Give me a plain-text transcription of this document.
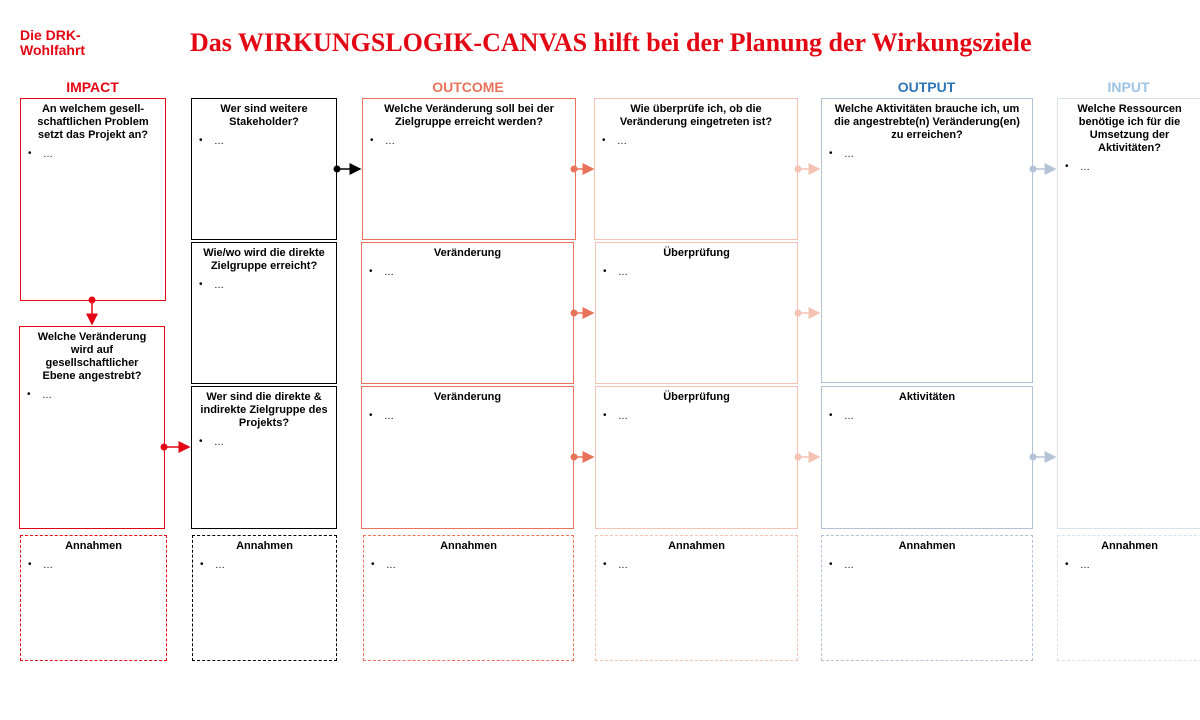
Die DRK-
Wohlfahrt	Das WIRKUNGSLOGIK-CANVAS hilft bei der Planung der Wirkungsziele
IMPACT	OUTCOME	OUTPUT	INPUT
An welchem gesell-schaftlichen Problem setzt das Projekt an?
• …
Welche Veränderung wird auf gesellschaftlicher Ebene angestrebt?
• …
Annahmen
• …
Wer sind weitere Stakeholder?
• …
Wie/wo wird die direkte Zielgruppe erreicht?
• …
Wer sind die direkte & indirekte Zielgruppe des Projekts?
• …
Annahmen
• …
Welche Veränderung soll bei der Zielgruppe erreicht werden?
• …
Veränderung
• …
Veränderung
• …
Annahmen
• …
Wie überprüfe ich, ob die Veränderung eingetreten ist?
• …
Überprüfung
• …
Überprüfung
• …
Annahmen
• …
Welche Aktivitäten brauche ich, um die angestrebte(n) Veränderung(en) zu erreichen?
• …
Aktivitäten
• …
Annahmen
• …
Welche Ressourcen benötige ich für die Umsetzung der Aktivitäten?
• …
Annahmen
• …
